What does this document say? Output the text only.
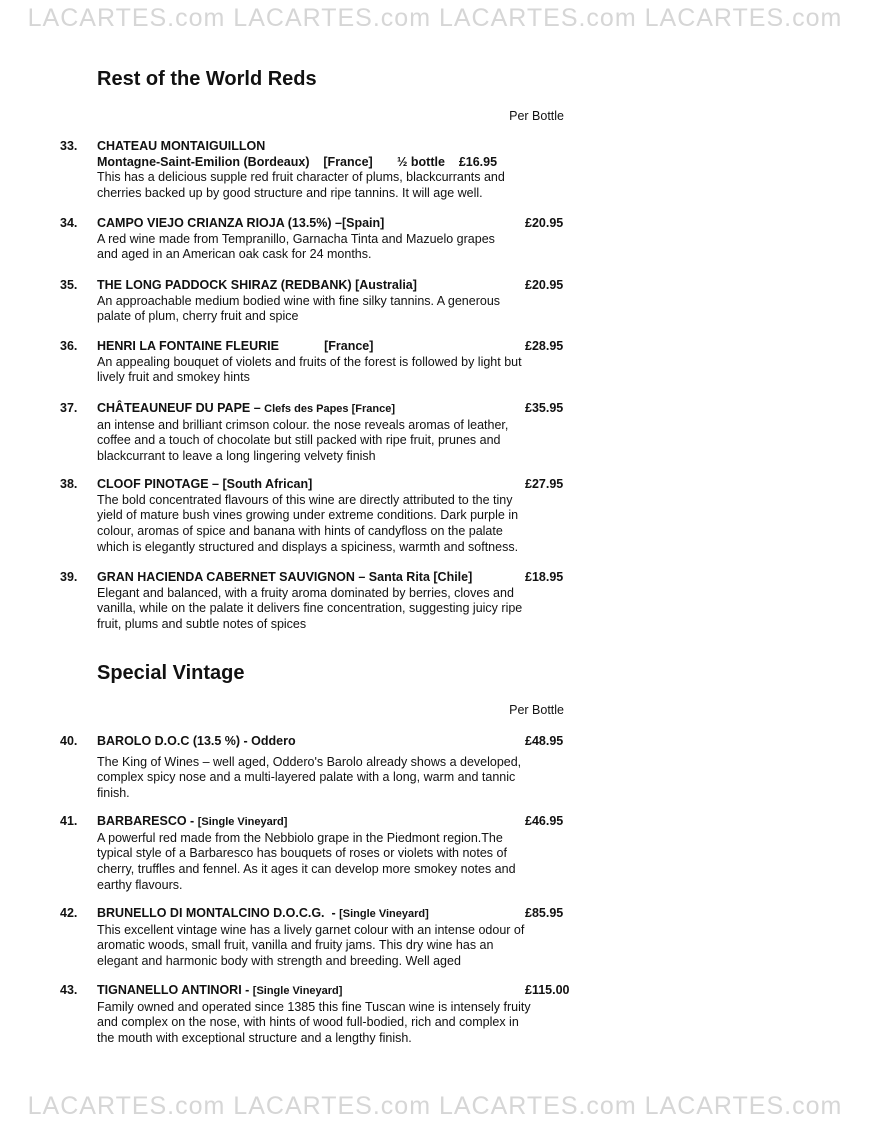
LACARTES.com LACARTES.com LACARTES.com LACARTES.com
Rest of the World Reds
Per Bottle
33. CHATEAU MONTAIGUILLON
Montagne-Saint-Emilion (Bordeaux)    [France]       ½ bottle    £16.95
This has a delicious supple red fruit character of plums, blackcurrants and
cherries backed up by good structure and ripe tannins. It will age well.
34. CAMPO VIEJO CRIANZA RIOJA (13.5%) –[Spain]	£20.95
A red wine made from Tempranillo, Garnacha Tinta and Mazuelo grapes
and aged in an American oak cask for 24 months.
35. THE LONG PADDOCK SHIRAZ (REDBANK) [Australia]	£20.95
An approachable medium bodied wine with fine silky tannins. A generous
palate of plum, cherry fruit and spice
36. HENRI LA FONTAINE FLEURIE             [France]	£28.95
An appealing bouquet of violets and fruits of the forest is followed by light but
lively fruit and smokey hints
37. CHÂTEAUNEUF DU PAPE – Clefs des Papes [France]	£35.95
an intense and brilliant crimson colour. the nose reveals aromas of leather,
coffee and a touch of chocolate but still packed with ripe fruit, prunes and
blackcurrant to leave a long lingering velvety finish
38. CLOOF PINOTAGE – [South African]	£27.95
The bold concentrated flavours of this wine are directly attributed to the tiny
yield of mature bush vines growing under extreme conditions. Dark purple in
colour, aromas of spice and banana with hints of candyfloss on the palate
which is elegantly structured and displays a spiciness, warmth and softness.
39. GRAN HACIENDA CABERNET SAUVIGNON – Santa Rita [Chile]	£18.95
Elegant and balanced, with a fruity aroma dominated by berries, cloves and
vanilla, while on the palate it delivers fine concentration, suggesting juicy ripe
fruit, plums and subtle notes of spices
Special Vintage
Per Bottle
40. BAROLO D.O.C (13.5 %) - Oddero	£48.95
The King of Wines – well aged, Oddero's Barolo already shows a developed,
complex spicy nose and a multi-layered palate with a long, warm and tannic
finish.
41. BARBARESCO - [Single Vineyard]	£46.95
A powerful red made from the Nebbiolo grape in the Piedmont region.The
typical style of a Barbaresco has bouquets of roses or violets with notes of
cherry, truffles and fennel. As it ages it can develop more smokey notes and
earthy flavours.
42. BRUNELLO DI MONTALCINO D.O.C.G.  - [Single Vineyard]	£85.95
This excellent vintage wine has a lively garnet colour with an intense odour of
aromatic woods, small fruit, vanilla and fruity jams. This dry wine has an
elegant and harmonic body with strength and breeding. Well aged
43. TIGNANELLO ANTINORI - [Single Vineyard]	£115.00
Family owned and operated since 1385 this fine Tuscan wine is intensely fruity
and complex on the nose, with hints of wood full-bodied, rich and complex in
the mouth with exceptional structure and a lengthy finish.
LACARTES.com LACARTES.com LACARTES.com LACARTES.com
